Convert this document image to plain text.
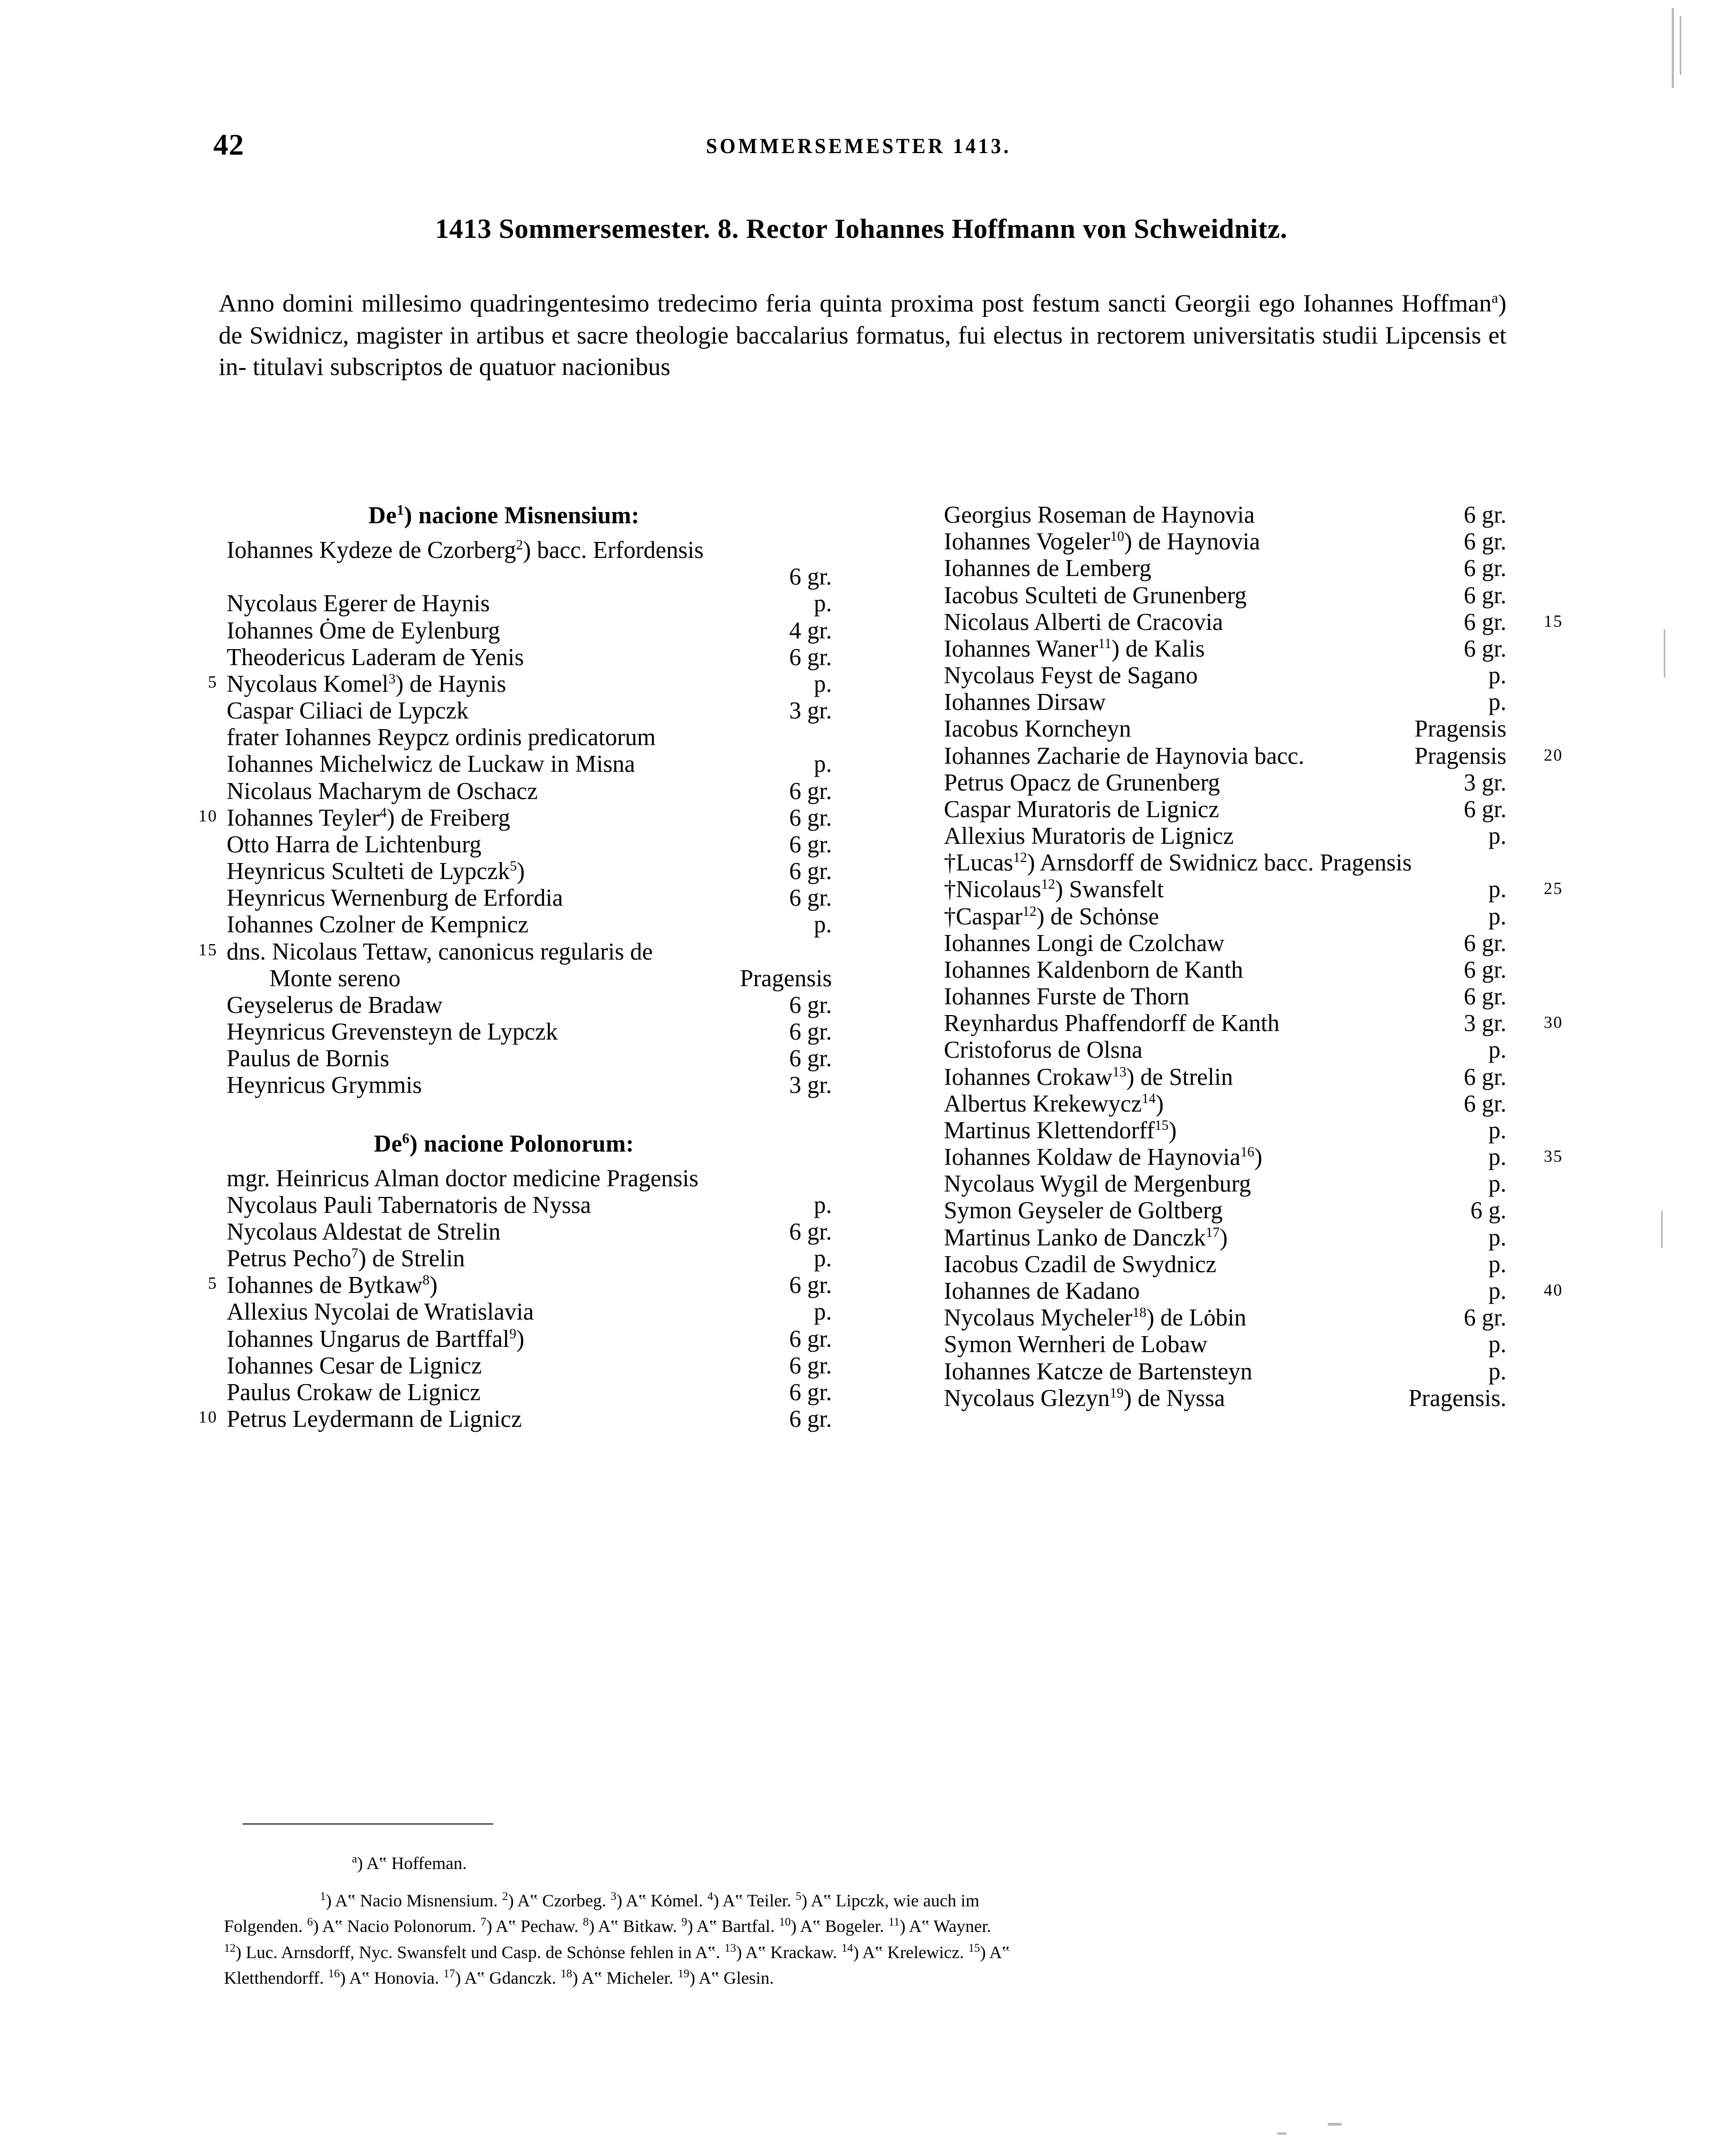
42	SOMMERSEMESTER 1413.
1413 Sommersemester. 8. Rector Iohannes Hoffmann von Schweidnitz.
Anno domini millesimo quadringentesimo tredecimo feria quinta proxima post festum sancti Georgii ego Iohannes Hoffman$^a$) de Swidnicz, magister in artibus et sacre theologie baccalarius formatus, fui electus in rectorem universitatis studii Lipcensis et in- titulavi subscriptos de quatuor nacionibus
De$^1$) nacione Misnensium:
Iohannes Kydeze de Czorberg$^2$) bacc. Erfordensis
6 gr.
Nycolaus Egerer de Haynis	p.
Iohannes Ȯme de Eylenburg	4 gr.
Theodericus Laderam de Yenis	6 gr.
5 Nycolaus Komel$^3$) de Haynis	p.
Caspar Ciliaci de Lypczk	3 gr.
frater Iohannes Reypcz ordinis predicatorum
Iohannes Michelwicz de Luckaw in Misna	p.
Nicolaus Macharym de Oschacz	6 gr.
10 Iohannes Teyler$^4$) de Freiberg	6 gr.
Otto Harra de Lichtenburg	6 gr.
Heynricus Sculteti de Lypczk$^5$)	6 gr.
Heynricus Wernenburg de Erfordia	6 gr.
Iohannes Czolner de Kempnicz	p.
15 dns. Nicolaus Tettaw, canonicus regularis de
Monte sereno	Pragensis
Geyselerus de Bradaw	6 gr.
Heynricus Grevensteyn de Lypczk	6 gr.
Paulus de Bornis	6 gr.
Heynricus Grymmis	3 gr.
De$^6$) nacione Polonorum:
mgr. Heinricus Alman doctor medicine Pragensis
Nycolaus Pauli Tabernatoris de Nyssa	p.
Nycolaus Aldestat de Strelin	6 gr.
Petrus Pecho$^7$) de Strelin	p.
5 Iohannes de Bytkaw$^8$)	6 gr.
Allexius Nycolai de Wratislavia	p.
Iohannes Ungarus de Bartffal$^9$)	6 gr.
Iohannes Cesar de Lignicz	6 gr.
Paulus Crokaw de Lignicz	6 gr.
10 Petrus Leydermann de Lignicz	6 gr.
Georgius Roseman de Haynovia	6 gr.
Iohannes Vogeler$^{10}$) de Haynovia	6 gr.
Iohannes de Lemberg	6 gr.
Iacobus Sculteti de Grunenberg	6 gr.
Nicolaus Alberti de Cracovia	6 gr. 15
Iohannes Waner$^{11}$) de Kalis	6 gr.
Nycolaus Feyst de Sagano	p.
Iohannes Dirsaw	p.
Iacobus Korncheyn	Pragensis
Iohannes Zacharie de Haynovia bacc.	Pragensis 20
Petrus Opacz de Grunenberg	3 gr.
Caspar Muratoris de Lignicz	6 gr.
Allexius Muratoris de Lignicz	p.
†Lucas$^{12}$) Arnsdorff de Swidnicz bacc. Pragensis
†Nicolaus$^{12}$) Swansfelt	p. 25
†Caspar$^{12}$) de Schȯnse	p.
Iohannes Longi de Czolchaw	6 gr.
Iohannes Kaldenborn de Kanth	6 gr.
Iohannes Furste de Thorn	6 gr.
Reynhardus Phaffendorff de Kanth	3 gr. 30
Cristoforus de Olsna	p.
Iohannes Crokaw$^{13}$) de Strelin	6 gr.
Albertus Krekewycz$^{14}$)	6 gr.
Martinus Klettendorff$^{15}$)	p.
Iohannes Koldaw de Haynovia$^{16}$)	p. 35
Nycolaus Wygil de Mergenburg	p.
Symon Geyseler de Goltberg	6 g.
Martinus Lanko de Danczk$^{17}$)	p.
Iacobus Czadil de Swydnicz	p.
Iohannes de Kadano	p. 40
Nycolaus Mycheler$^{18}$) de Lȯbin	6 gr.
Symon Wernheri de Lobaw	p.
Iohannes Katcze de Bartensteyn	p.
Nycolaus Glezyn$^{19}$) de Nyssa	Pragensis.
$^a$) A‟ Hoffeman.
$^1$) A‟ Nacio Misnensium. $^2$) A‟ Czorbeg. $^3$) A‟ Kȯmel. $^4$) A‟ Teiler. $^5$) A‟ Lipczk, wie auch im
Folgenden. $^6$) A‟ Nacio Polonorum. $^7$) A‟ Pechaw. $^8$) A‟ Bitkaw. $^9$) A‟ Bartfal. $^{10}$) A‟ Bogeler. $^{11}$) A‟ Wayner.
$^{12}$) Luc. Arnsdorff, Nyc. Swansfelt und Casp. de Schȯnse fehlen in A‟. $^{13}$) A‟ Krackaw. $^{14}$) A‟ Krelewicz. $^{15}$) A‟
Kletthendorff. $^{16}$) A‟ Honovia. $^{17}$) A‟ Gdanczk. $^{18}$) A‟ Micheler. $^{19}$) A‟ Glesin.
